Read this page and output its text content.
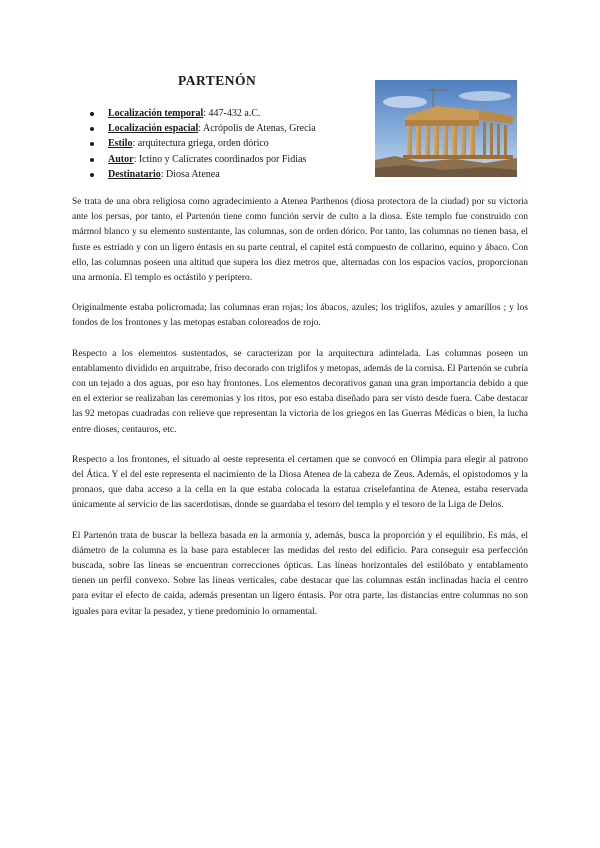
PARTENÓN
Localización temporal: 447-432 a.C.
Localización espacial: Acrópolis de Atenas, Grecia
Estilo: arquitectura griega, orden dórico
Autor: Ictino y Calícrates coordinados por Fidias
Destinatario: Diosa Atenea

Se trata de una obra religiosa como agradecimiento a Atenea Parthenos (diosa protectora de la ciudad) por su victoria ante los persas, por tanto, el Partenón tiene como función servir de culto a la diosa. Este templo fue construido con mármol blanco y su elemento sustentante, las columnas, son de orden dórico. Por tanto, las columnas no tienen basa, el fuste es estriado y con un ligero éntasis en su parte central, el capitel está compuesto de collarino, equino y ábaco. Con ello, las columnas poseen una altitud que supera los diez metros que, alternadas con los espacios vacíos, proporcionan una armonía. El templo es octástilo y períptero.

Originalmente estaba policromada; las columnas eran rojas; los ábacos, azules; los triglifos, azules y amarillos ; y los fondos de los frontones y las metopas estaban coloreados de rojo.

Respecto a los elementos sustentados, se caracterizan por la arquitectura adintelada. Las columnas poseen un entablamento dividido en arquitrabe, friso decorado con triglifos y metopas, además de la cornisa. El Partenón se cubría con un tejado a dos aguas, por eso hay frontones. Los elementos decorativos ganan una gran importancia debido a que en el exterior se realizaban las ceremonias y los ritos, por eso estaba diseñado para ser visto desde fuera. Cabe destacar las 92 metopas cuadradas con relieve que representan la victoria de los griegos en las Guerras Médicas o bien, la lucha entre dioses, centauros, etc.

Respecto a los frontones, el situado al oeste representa el certamen que se convocó en Olimpia para elegir al patrono del Ática. Y el del este representa el nacimiento de la Diosa Atenea de la cabeza de Zeus. Además, el opistodomos y la pronaos, que daba acceso a la cella en la que estaba colocada la estatua criselefantina de Atenea, estaba reservada únicamente al servicio de las sacerdotisas, donde se guardaba el tesoro del templo y el tesoro de la Liga de Delos.

El Partenón trata de buscar la belleza basada en la armonía y, además, busca la proporción y el equilibrio. Es más, el diámetro de la columna es la base para establecer las medidas del resto del edificio. Para conseguir esa perfección buscada, sobre las líneas se encuentran correcciones ópticas. Las líneas horizontales del estilóbato y entablamento tienen un perfil convexo. Sobre las líneas verticales, cabe destacar que las columnas están inclinadas hacia el centro para evitar el efecto de caída, además presentan un ligero éntasis. Por otra parte, las distancias entre columnas no son iguales para evitar la pesadez, y tiene predominio lo ornamental.
